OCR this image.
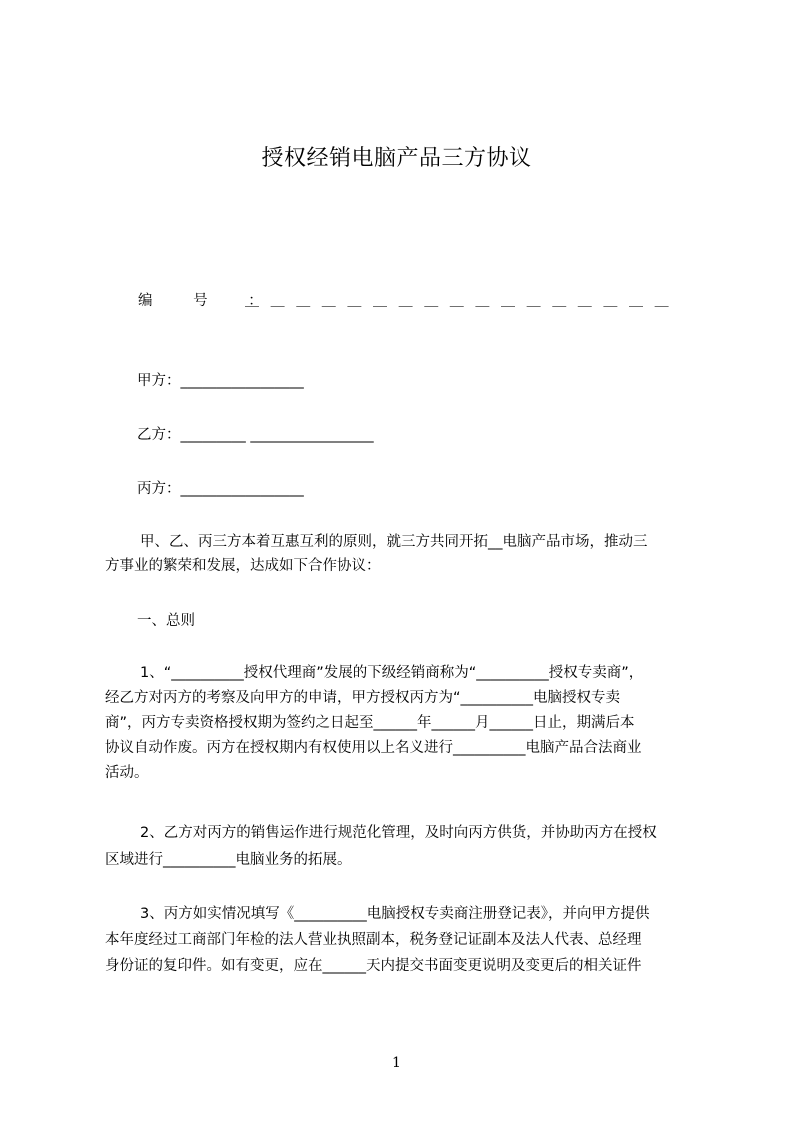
授权经销电脑产品三方协议
编 号 ：
＿＿＿＿＿＿＿＿＿＿＿＿＿＿＿＿＿
甲方：_________________
乙方：_________ _________________
丙方：_________________
甲、乙、丙三方本着互惠互利的原则，就三方共同开拓__电脑产品市场，推动三
方事业的繁荣和发展，达成如下合作协议：
一、总则
1、“__________授权代理商”发展的下级经销商称为“__________授权专卖商”，
经乙方对丙方的考察及向甲方的申请，甲方授权丙方为“__________电脑授权专卖
商”，丙方专卖资格授权期为签约之日起至______年______月______日止，期满后本
协议自动作废。丙方在授权期内有权使用以上名义进行__________电脑产品合法商业
活动。
2、乙方对丙方的销售运作进行规范化管理，及时向丙方供货，并协助丙方在授权
区域进行__________电脑业务的拓展。
3、丙方如实情况填写《__________电脑授权专卖商注册登记表》，并向甲方提供
本年度经过工商部门年检的法人营业执照副本，税务登记证副本及法人代表、总经理
身份证的复印件。如有变更，应在______天内提交书面变更说明及变更后的相关证件
1
